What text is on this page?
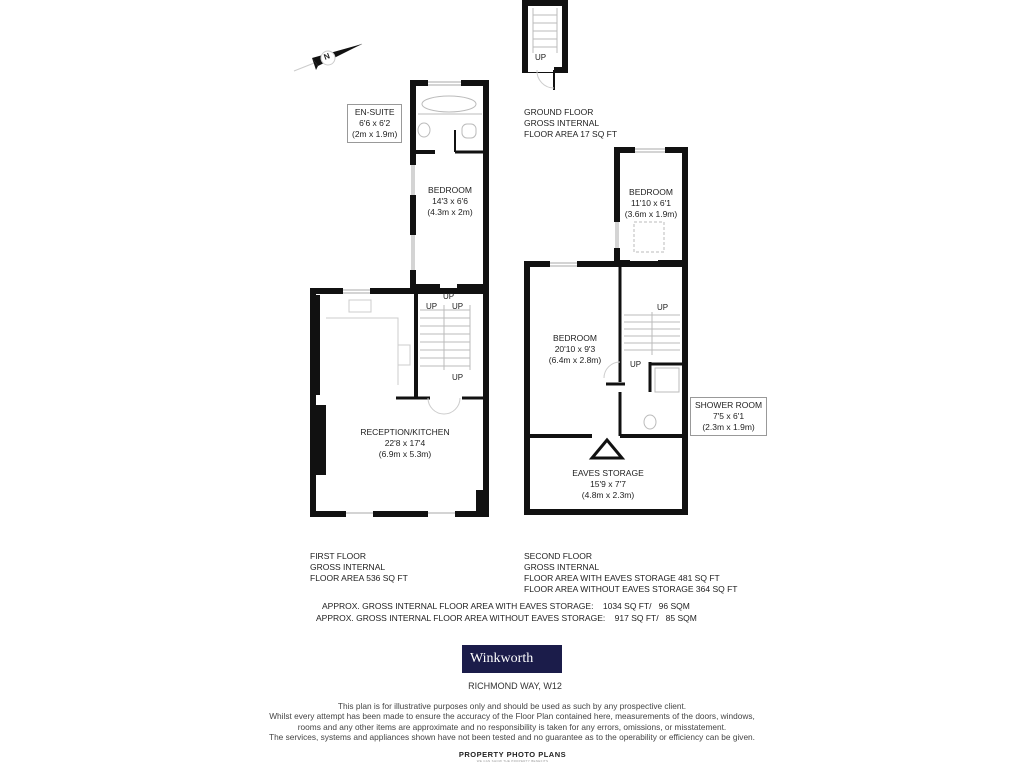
UP
UP
UP UP
UP
UP
UP
N
EN-SUITE
6'6 x 6'2
(2m x 1.9m)
BEDROOM
14'3 x 6'6
(4.3m x 2m)
RECEPTION/KITCHEN
22'8 x 17'4
(6.9m x 5.3m)
BEDROOM
11'10 x 6'1
(3.6m x 1.9m)
BEDROOM
20'10 x 9'3
(6.4m x 2.8m)
SHOWER ROOM
7'5 x 6'1
(2.3m x 1.9m)
EAVES STORAGE
15'9 x 7'7
(4.8m x 2.3m)
GROUND FLOOR
GROSS INTERNAL
FLOOR AREA 17 SQ FT
FIRST FLOOR
GROSS INTERNAL
FLOOR AREA 536 SQ FT
SECOND FLOOR
GROSS INTERNAL
FLOOR AREA WITH EAVES STORAGE 481 SQ FT
FLOOR AREA WITHOUT EAVES STORAGE 364 SQ FT
APPROX. GROSS INTERNAL FLOOR AREA WITH EAVES STORAGE:    1034 SQ FT/   96 SQM
APPROX. GROSS INTERNAL FLOOR AREA WITHOUT EAVES STORAGE:    917 SQ FT/   85 SQM
Winkworth
RICHMOND WAY, W12
This plan is for illustrative purposes only and should be used as such by any prospective client.
Whilst every attempt has been made to ensure the accuracy of the Floor Plan contained here, measurements of the doors, windows,
rooms and any other items are approximate and no responsibility is taken for any errors, omissions, or misstatement.
The services, systems and appliances shown have not been tested and no guarantee as to the operability or efficiency can be given.
PROPERTY PHOTO PLANS
WE CAN SHOW THE PROPERTY BENEFITS
